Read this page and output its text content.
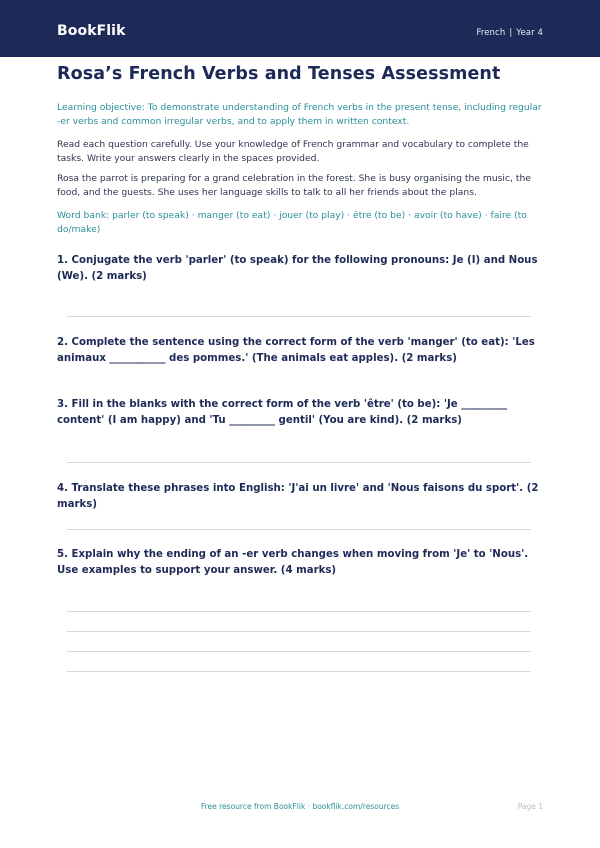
BookFlik	French | Year 4
Rosa’s French Verbs and Tenses Assessment

Learning objective: To demonstrate understanding of French verbs in the present tense, including regular -er verbs and common irregular verbs, and to apply them in written context.

Read each question carefully. Use your knowledge of French grammar and vocabulary to complete the tasks. Write your answers clearly in the spaces provided.

Rosa the parrot is preparing for a grand celebration in the forest. She is busy organising the music, the food, and the guests. She uses her language skills to talk to all her friends about the plans.

Word bank: parler (to speak) · manger (to eat) · jouer (to play) · être (to be) · avoir (to have) · faire (to do/make)

1. Conjugate the verb 'parler' (to speak) for the following pronouns: Je (I) and Nous (We). (2 marks)

2. Complete the sentence using the correct form of the verb 'manger' (to eat): 'Les animaux ___________ des pommes.' (The animals eat apples). (2 marks)

3. Fill in the blanks with the correct form of the verb 'être' (to be): 'Je _________ content' (I am happy) and 'Tu _________ gentil' (You are kind). (2 marks)

4. Translate these phrases into English: 'J'ai un livre' and 'Nous faisons du sport'. (2 marks)

5. Explain why the ending of an -er verb changes when moving from 'Je' to 'Nous'. Use examples to support your answer. (4 marks)

Free resource from BookFlik · bookflik.com/resources	Page 1
